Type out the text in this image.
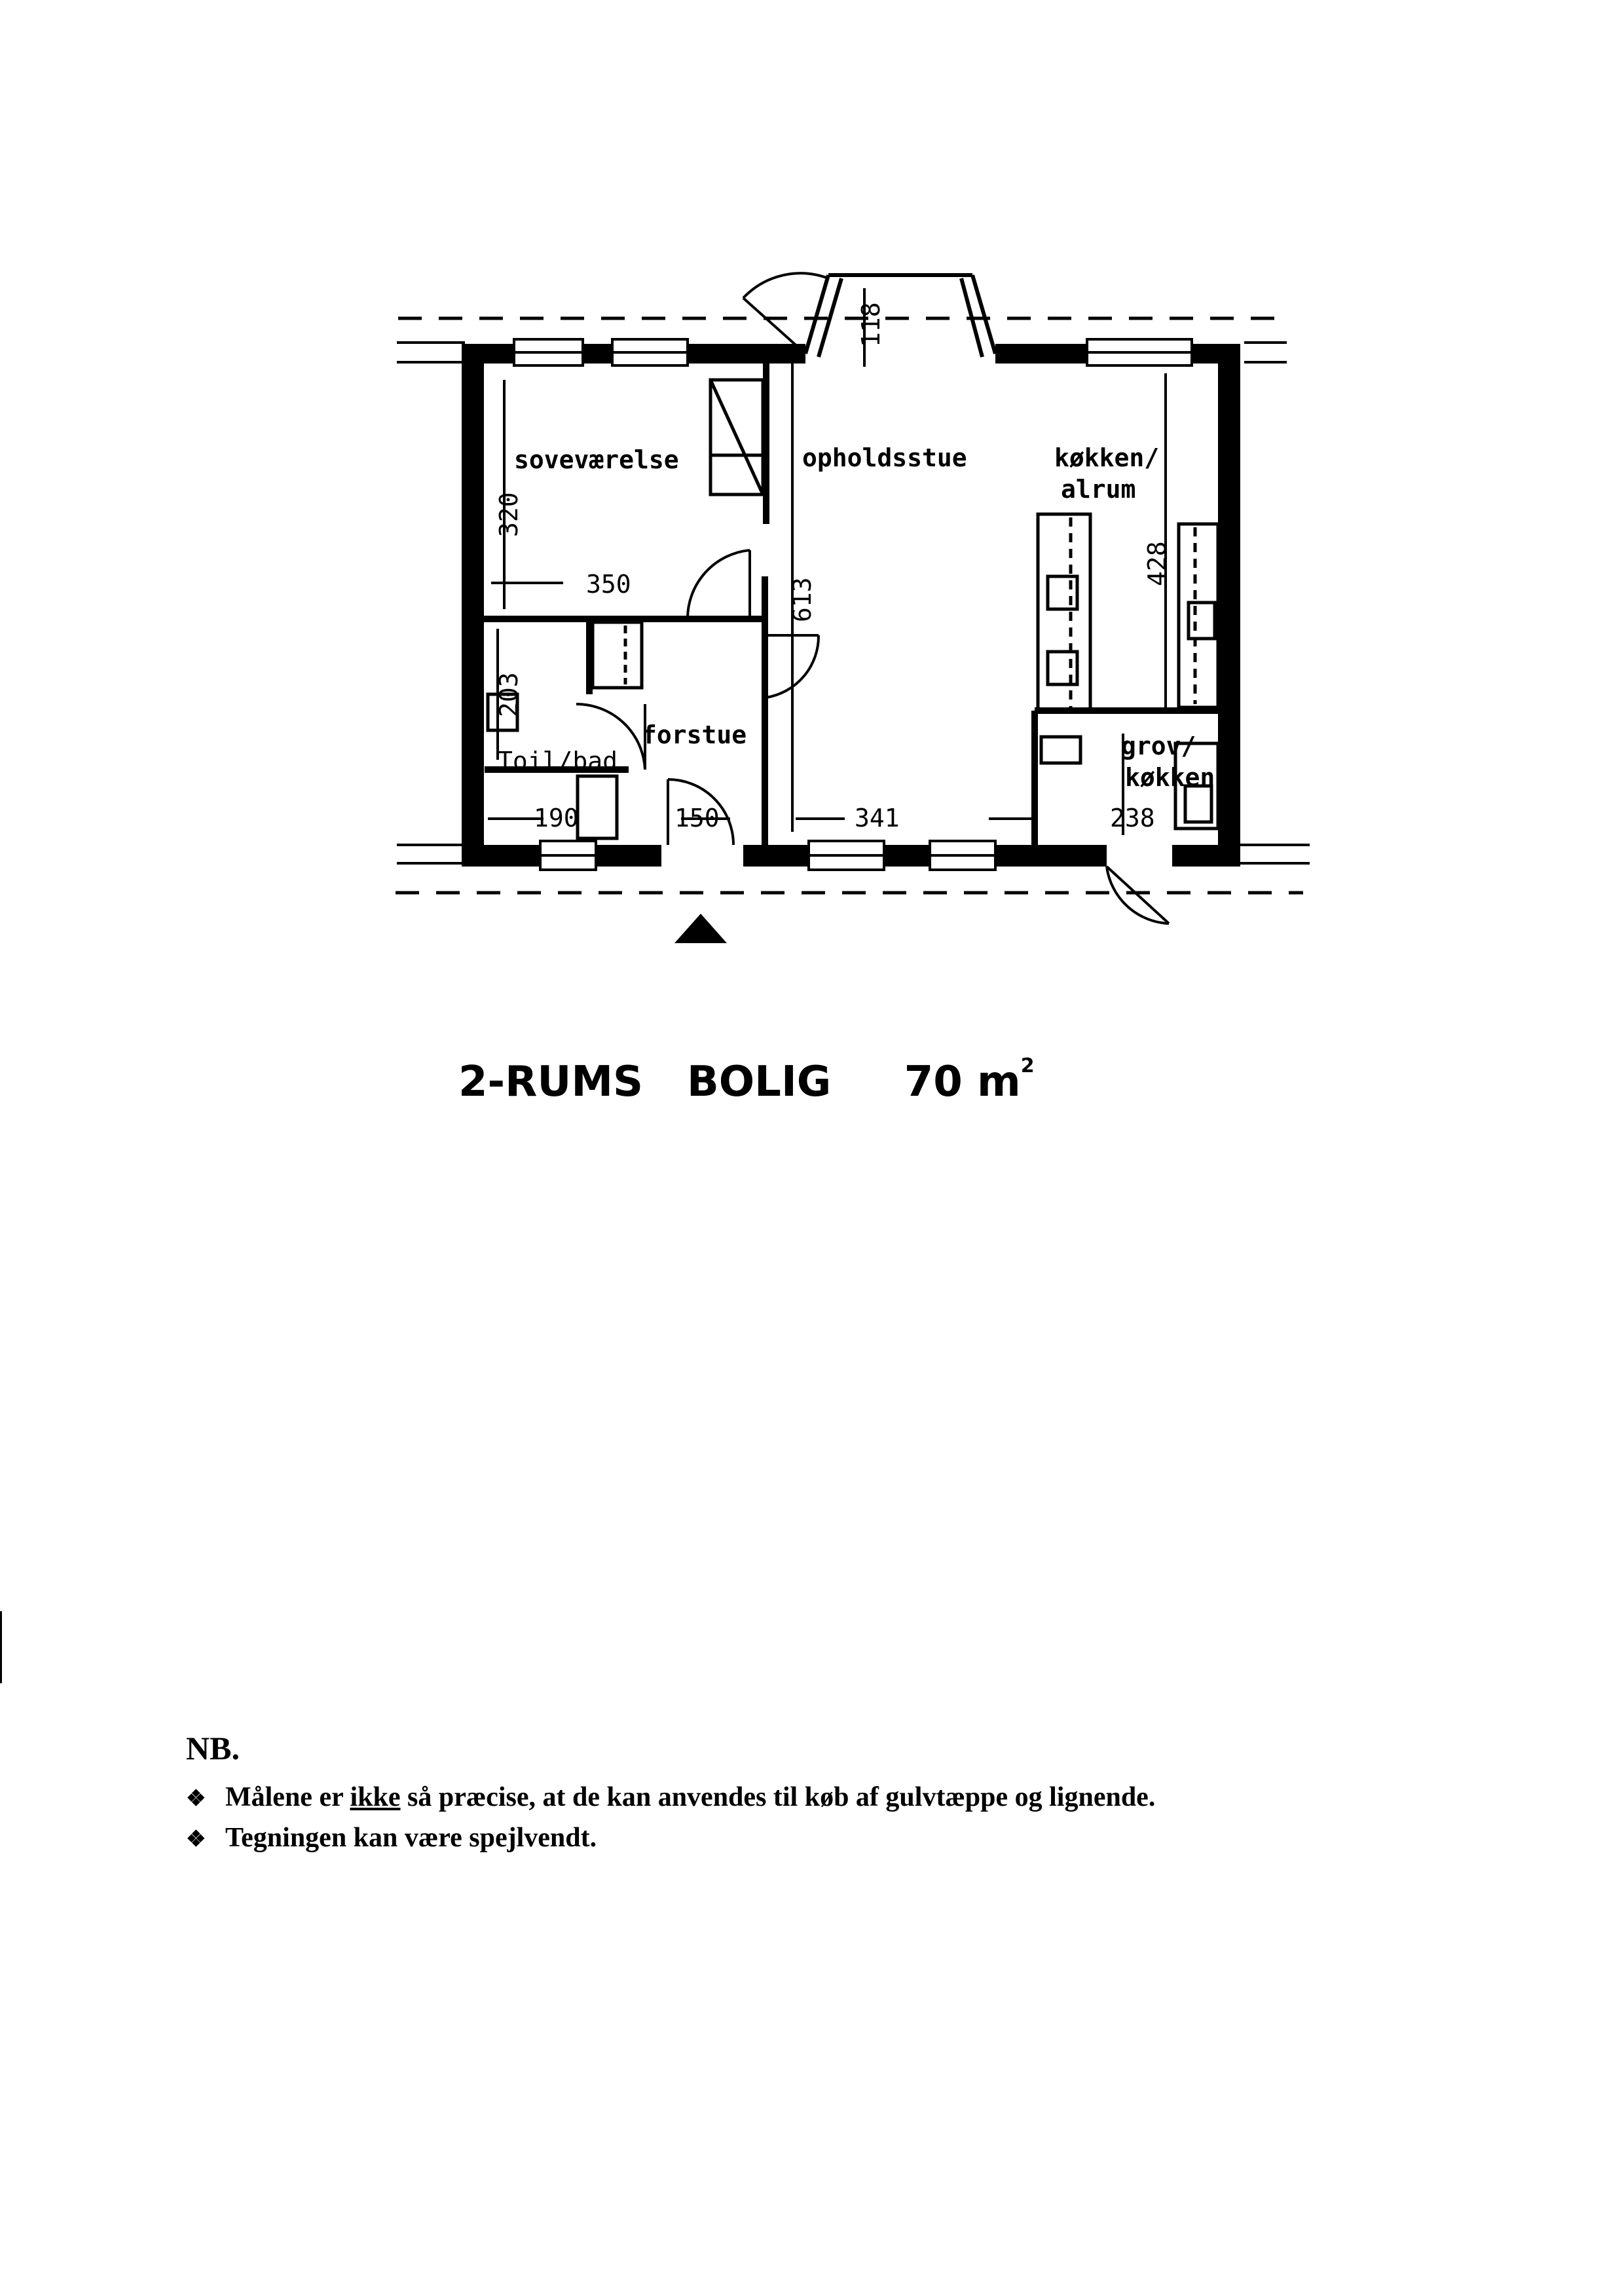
soveværelse	opholdsstue	køkken/
alrum
forstue
Toil/bad
grov/
køkken
118
320
350	613
428
203
190	150	341	238
2-RUMS   BOLIG 70 $m^2$
NB.
❖ Målene er ikke så præcise, at de kan anvendes til køb af gulvtæppe og lignende.
❖ Tegningen kan være spejlvendt.
